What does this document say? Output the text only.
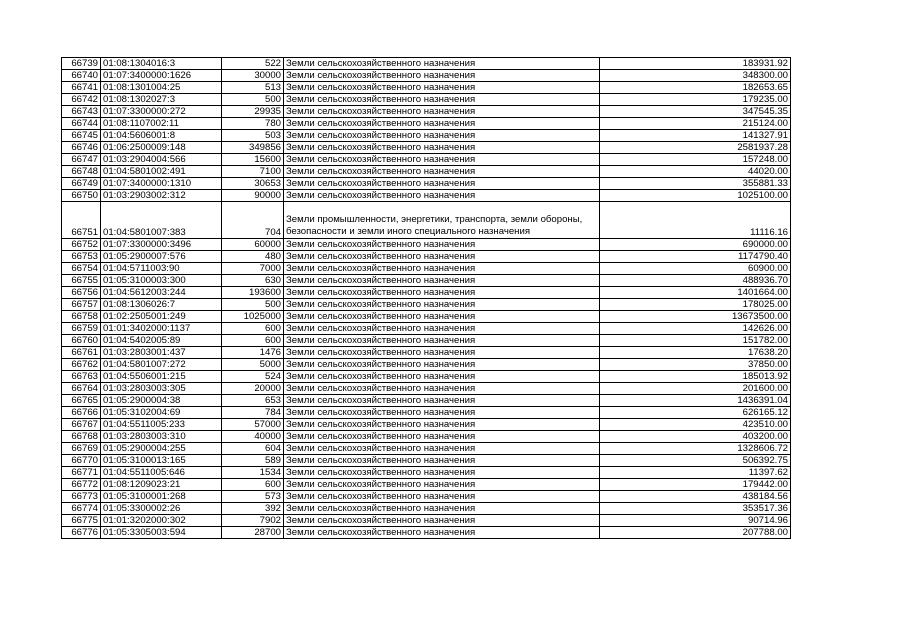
66739	01:08:1304016:3	522	Земли сельскохозяйственного назначения	183931.92
66740	01:07:3400000:1626	30000	Земли сельскохозяйственного назначения	348300.00
66741	01:08:1301004:25	513	Земли сельскохозяйственного назначения	182653.65
66742	01:08:1302027:3	500	Земли сельскохозяйственного назначения	179235.00
66743	01:07:3300000:272	29935	Земли сельскохозяйственного назначения	347545.35
66744	01:08:1107002:11	780	Земли сельскохозяйственного назначения	215124.00
66745	01:04:5606001:8	503	Земли сельскохозяйственного назначения	141327.91
66746	01:06:2500009:148	349856	Земли сельскохозяйственного назначения	2581937.28
66747	01:03:2904004:566	15600	Земли сельскохозяйственного назначения	157248.00
66748	01:04:5801002:491	7100	Земли сельскохозяйственного назначения	44020.00
66749	01:07:3400000:1310	30653	Земли сельскохозяйственного назначения	355881.33
66750	01:03:2903002:312	90000	Земли сельскохозяйственного назначения	1025100.00
66751	01:04:5801007:383	704	Земли промышленности, энергетики, транспорта, земли обороны, безопасности и земли иного специального назначения	11116.16
66752	01:07:3300000:3496	60000	Земли сельскохозяйственного назначения	690000.00
66753	01:05:2900007:576	480	Земли сельскохозяйственного назначения	1174790.40
66754	01:04:5711003:90	7000	Земли сельскохозяйственного назначения	60900.00
66755	01:05:3100003:300	630	Земли сельскохозяйственного назначения	488936.70
66756	01:04:5612003:244	193600	Земли сельскохозяйственного назначения	1401664.00
66757	01:08:1306026:7	500	Земли сельскохозяйственного назначения	178025.00
66758	01:02:2505001:249	1025000	Земли сельскохозяйственного назначения	13673500.00
66759	01:01:3402000:1137	600	Земли сельскохозяйственного назначения	142626.00
66760	01:04:5402005:89	600	Земли сельскохозяйственного назначения	151782.00
66761	01:03:2803001:437	1476	Земли сельскохозяйственного назначения	17638.20
66762	01:04:5801007:272	5000	Земли сельскохозяйственного назначения	37850.00
66763	01:04:5506001:215	524	Земли сельскохозяйственного назначения	185013.92
66764	01:03:2803003:305	20000	Земли сельскохозяйственного назначения	201600.00
66765	01:05:2900004:38	653	Земли сельскохозяйственного назначения	1436391.04
66766	01:05:3102004:69	784	Земли сельскохозяйственного назначения	626165.12
66767	01:04:5511005:233	57000	Земли сельскохозяйственного назначения	423510.00
66768	01:03:2803003:310	40000	Земли сельскохозяйственного назначения	403200.00
66769	01:05:2900004:255	604	Земли сельскохозяйственного назначения	1328606.72
66770	01:05:3100013:165	589	Земли сельскохозяйственного назначения	506392.75
66771	01:04:5511005:646	1534	Земли сельскохозяйственного назначения	11397.62
66772	01:08:1209023:21	600	Земли сельскохозяйственного назначения	179442.00
66773	01:05:3100001:268	573	Земли сельскохозяйственного назначения	438184.56
66774	01:05:3300002:26	392	Земли сельскохозяйственного назначения	353517.36
66775	01:01:3202000:302	7902	Земли сельскохозяйственного назначения	90714.96
66776	01:05:3305003:594	28700	Земли сельскохозяйственного назначения	207788.00
